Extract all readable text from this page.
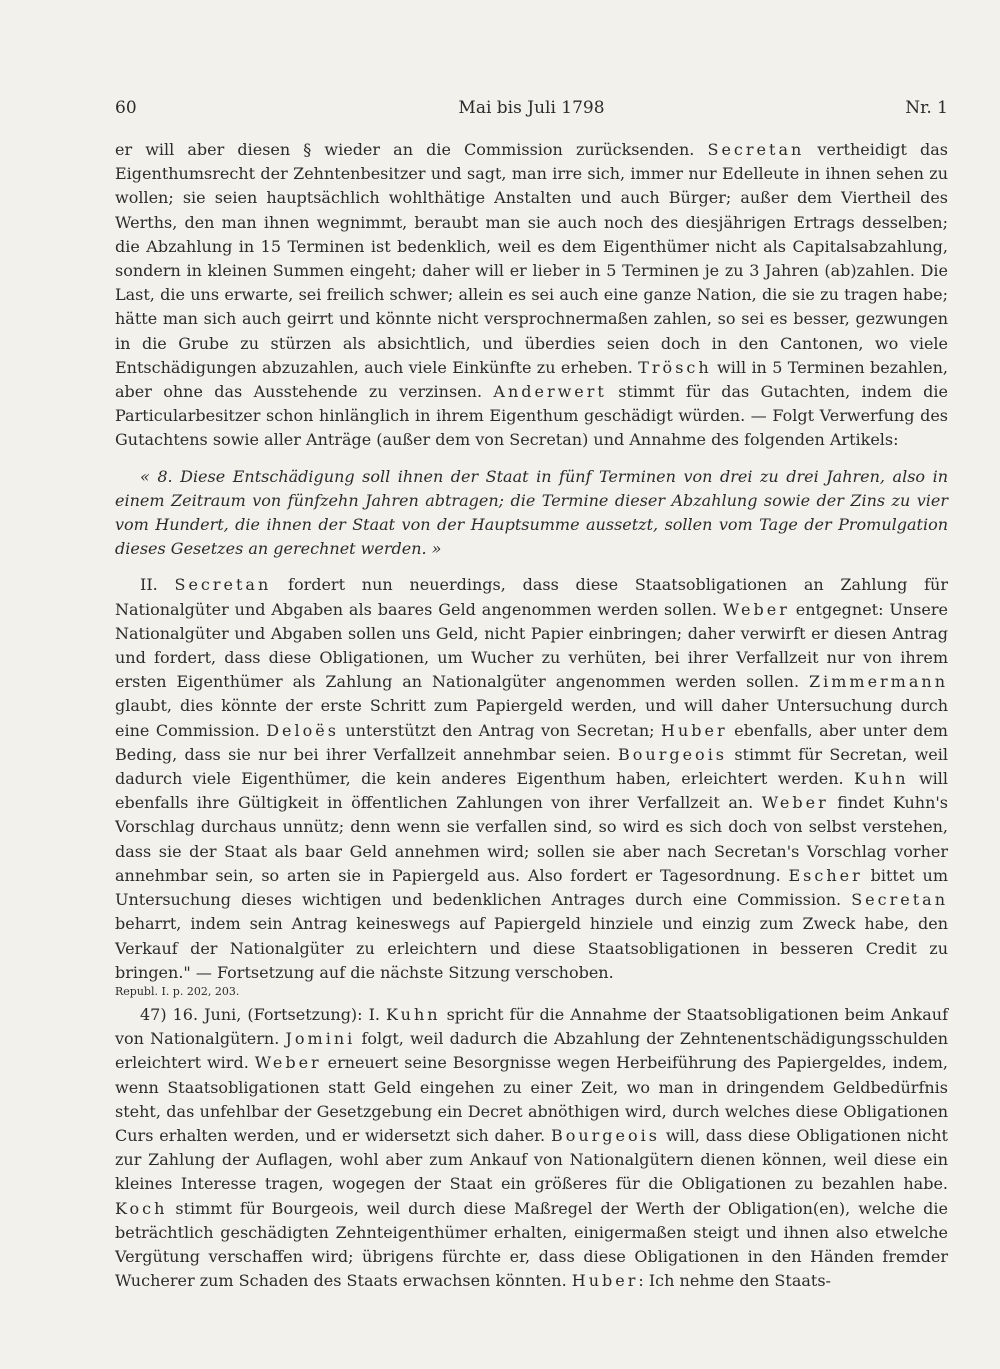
60	Mai bis Juli 1798	Nr. 1

er will aber diesen § wieder an die Commission zurücksenden. Secretan vertheidigt das Eigenthumsrecht der Zehntenbesitzer und sagt, man irre sich, immer nur Edelleute in ihnen sehen zu wollen; sie seien hauptsächlich wohlthätige Anstalten und auch Bürger; außer dem Viertheil des Werths, den man ihnen wegnimmt, beraubt man sie auch noch des diesjährigen Ertrags desselben; die Abzahlung in 15 Terminen ist bedenklich, weil es dem Eigenthümer nicht als Capitalsabzahlung, sondern in kleinen Summen eingeht; daher will er lieber in 5 Terminen je zu 3 Jahren (ab)zahlen. Die Last, die uns erwarte, sei freilich schwer; allein es sei auch eine ganze Nation, die sie zu tragen habe; hätte man sich auch geirrt und könnte nicht versprochnermaßen zahlen, so sei es besser, gezwungen in die Grube zu stürzen als absichtlich, und überdies seien doch in den Cantonen, wo viele Entschädigungen abzuzahlen, auch viele Einkünfte zu erheben. Trösch will in 5 Terminen bezahlen, aber ohne das Ausstehende zu verzinsen. Anderwert stimmt für das Gutachten, indem die Particularbesitzer schon hinlänglich in ihrem Eigenthum geschädigt würden. — Folgt Verwerfung des Gutachtens sowie aller Anträge (außer dem von Secretan) und Annahme des folgenden Artikels:

« 8. Diese Entschädigung soll ihnen der Staat in fünf Terminen von drei zu drei Jahren, also in einem Zeitraum von fünfzehn Jahren abtragen; die Termine dieser Abzahlung sowie der Zins zu vier vom Hundert, die ihnen der Staat von der Hauptsumme aussetzt, sollen vom Tage der Promulgation dieses Gesetzes an gerechnet werden. »

II. Secretan fordert nun neuerdings, dass diese Staatsobligationen an Zahlung für Nationalgüter und Abgaben als baares Geld angenommen werden sollen. Weber entgegnet: Unsere Nationalgüter und Abgaben sollen uns Geld, nicht Papier einbringen; daher verwirft er diesen Antrag und fordert, dass diese Obligationen, um Wucher zu verhüten, bei ihrer Verfallzeit nur von ihrem ersten Eigenthümer als Zahlung an Nationalgüter angenommen werden sollen. Zimmermann glaubt, dies könnte der erste Schritt zum Papiergeld werden, und will daher Untersuchung durch eine Commission. Deloës unterstützt den Antrag von Secretan; Huber ebenfalls, aber unter dem Beding, dass sie nur bei ihrer Verfallzeit annehmbar seien. Bourgeois stimmt für Secretan, weil dadurch viele Eigenthümer, die kein anderes Eigenthum haben, erleichtert werden. Kuhn will ebenfalls ihre Gültigkeit in öffentlichen Zahlungen von ihrer Verfallzeit an. Weber findet Kuhn's Vorschlag durchaus unnütz; denn wenn sie verfallen sind, so wird es sich doch von selbst verstehen, dass sie der Staat als baar Geld annehmen wird; sollen sie aber nach Secretan's Vorschlag vorher annehmbar sein, so arten sie in Papiergeld aus. Also fordert er Tagesordnung. Escher bittet um Untersuchung dieses wichtigen und bedenklichen Antrages durch eine Commission. Secretan beharrt, indem sein Antrag keineswegs auf Papiergeld hinziele und einzig zum Zweck habe, den Verkauf der Nationalgüter zu erleichtern und diese Staatsobligationen in besseren Credit zu bringen." — Fortsetzung auf die nächste Sitzung verschoben.

Republ. I. p. 202, 203.

47) 16. Juni, (Fortsetzung): I. Kuhn spricht für die Annahme der Staatsobligationen beim Ankauf von Nationalgütern. Jomini folgt, weil dadurch die Abzahlung der Zehntenentschädigungsschulden erleichtert wird. Weber erneuert seine Besorgnisse wegen Herbeiführung des Papiergeldes, indem, wenn Staatsobligationen statt Geld eingehen zu einer Zeit, wo man in dringendem Geldbedürfnis steht, das unfehlbar der Gesetzgebung ein Decret abnöthigen wird, durch welches diese Obligationen Curs erhalten werden, und er widersetzt sich daher. Bourgeois will, dass diese Obligationen nicht zur Zahlung der Auflagen, wohl aber zum Ankauf von Nationalgütern dienen können, weil diese ein kleines Interesse tragen, wogegen der Staat ein größeres für die Obligationen zu bezahlen habe. Koch stimmt für Bourgeois, weil durch diese Maßregel der Werth der Obligation(en), welche die beträchtlich geschädigten Zehnteigenthümer erhalten, einigermaßen steigt und ihnen also etwelche Vergütung verschaffen wird; übrigens fürchte er, dass diese Obligationen in den Händen fremder Wucherer zum Schaden des Staats erwachsen könnten. Huber: Ich nehme den Staats-
